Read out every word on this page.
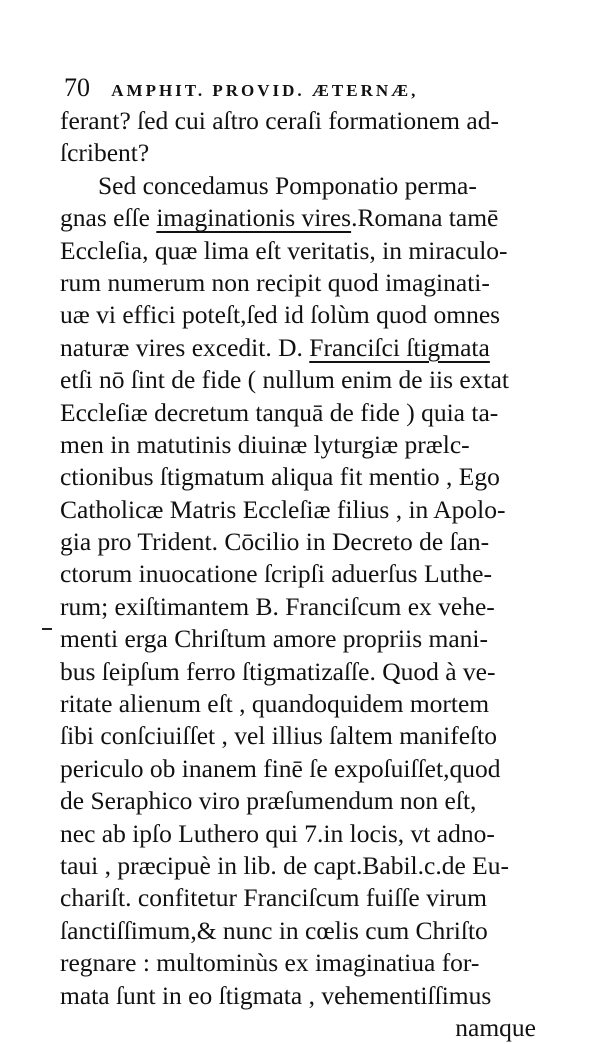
70 AMPHIT. PROVID. ÆTERNÆ,
ferant? ſed cui aſtro ceraſi formationem ad-
ſcribent?
Sed concedamus Pomponatio perma-
gnas eſſe imaginationis vires.Romana tamē
Eccleſia, quæ lima eſt veritatis, in miraculo-
rum numerum non recipit quod imaginati-
uæ vi effici poteſt,ſed id ſolùm quod omnes
naturæ vires excedit. D. Franciſci ſtigmata
etſi nō ſint de fide ( nullum enim de iis extat
Eccleſiæ decretum tanquā de fide ) quia ta-
men in matutinis diuinæ lyturgiæ prælc-
ctionibus ſtigmatum aliqua fit mentio , Ego
Catholicæ Matris Eccleſiæ filius , in Apolo-
gia pro Trident. Cōcilio in Decreto de ſan-
ctorum inuocatione ſcripſi aduerſus Luthe-
rum; exiſtimantem B. Franciſcum ex vehe-
menti erga Chriſtum amore propriis mani-
bus ſeipſum ferro ſtigmatizaſſe. Quod à ve-
ritate alienum eſt , quandoquidem mortem
ſibi conſciuiſſet , vel illius ſaltem manifeſto
periculo ob inanem finē ſe expoſuiſſet,quod
de Seraphico viro præſumendum non eſt,
nec ab ipſo Luthero qui 7.in locis, vt adno-
taui , præcipuè in lib. de capt.Babil.c.de Eu-
chariſt. confitetur Franciſcum fuiſſe virum
ſanctiſſimum,& nunc in cœlis cum Chriſto
regnare : multominùs ex imaginatiua for-
mata ſunt in eo ſtigmata , vehementiſſimus
namque
